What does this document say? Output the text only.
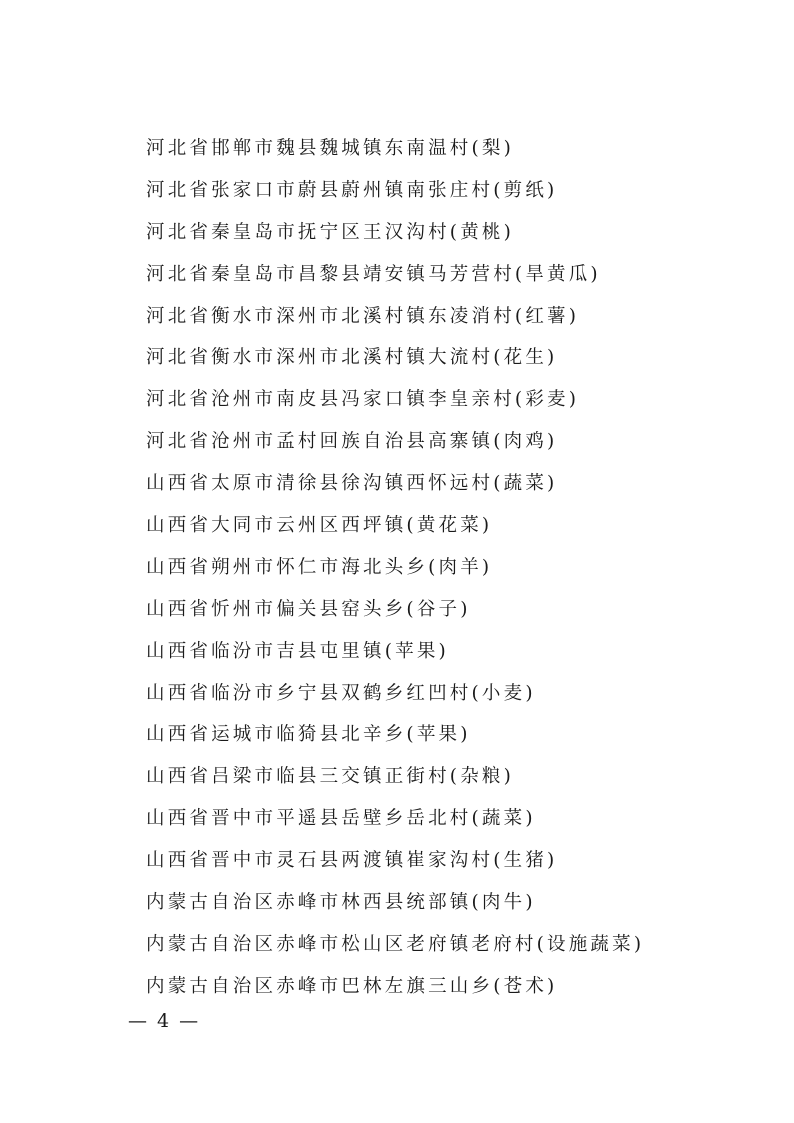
河北省邯郸市魏县魏城镇东南温村(梨)
河北省张家口市蔚县蔚州镇南张庄村(剪纸)
河北省秦皇岛市抚宁区王汉沟村(黄桃)
河北省秦皇岛市昌黎县靖安镇马芳营村(旱黄瓜)
河北省衡水市深州市北溪村镇东凌消村(红薯)
河北省衡水市深州市北溪村镇大流村(花生)
河北省沧州市南皮县冯家口镇李皇亲村(彩麦)
河北省沧州市孟村回族自治县高寨镇(肉鸡)
山西省太原市清徐县徐沟镇西怀远村(蔬菜)
山西省大同市云州区西坪镇(黄花菜)
山西省朔州市怀仁市海北头乡(肉羊)
山西省忻州市偏关县窑头乡(谷子)
山西省临汾市吉县屯里镇(苹果)
山西省临汾市乡宁县双鹤乡红凹村(小麦)
山西省运城市临猗县北辛乡(苹果)
山西省吕梁市临县三交镇正街村(杂粮)
山西省晋中市平遥县岳壁乡岳北村(蔬菜)
山西省晋中市灵石县两渡镇崔家沟村(生猪)
内蒙古自治区赤峰市林西县统部镇(肉牛)
内蒙古自治区赤峰市松山区老府镇老府村(设施蔬菜)
内蒙古自治区赤峰市巴林左旗三山乡(苍术)
— 4 —
